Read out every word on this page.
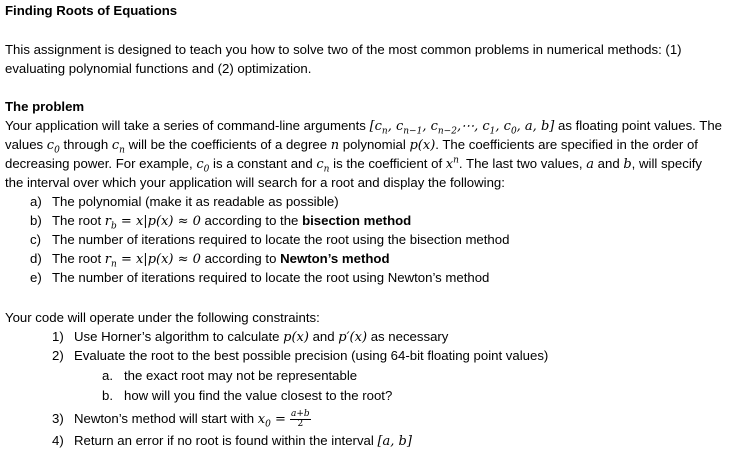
Finding Roots of Equations
This assignment is designed to teach you how to solve two of the most common problems in numerical methods: (1)
evaluating polynomial functions and (2) optimization.
The problem
Your application will take a series of command-line arguments [$c_n$, $c_{n-1}$, $c_{n-2},\cdots$, $c_1$, $c_0$, a, b] as floating point values. The
values $c_0$ through $c_n$ will be the coefficients of a degree n polynomial p(x). The coefficients are specified in the order of
decreasing power. For example, $c_0$ is a constant and $c_n$ is the coefficient of $x^n$. The last two values, a and b, will specify
the interval over which your application will search for a root and display the following:
a) The polynomial (make it as readable as possible)
b) The root $r_b = x|p(x) \approx 0$ according to the bisection method
c) The number of iterations required to locate the root using the bisection method
d) The root $r_n = x|p(x) \approx 0$ according to Newton’s method
e) The number of iterations required to locate the root using Newton’s method
Your code will operate under the following constraints:
1) Use Horner’s algorithm to calculate p(x) and p′(x) as necessary
2) Evaluate the root to the best possible precision (using 64-bit floating point values)
a. the exact root may not be representable
b. how will you find the value closest to the root?
3) Newton’s method will start with $x_0 = \frac{a+b}{2}$
4) Return an error if no root is found within the interval [a, b]
